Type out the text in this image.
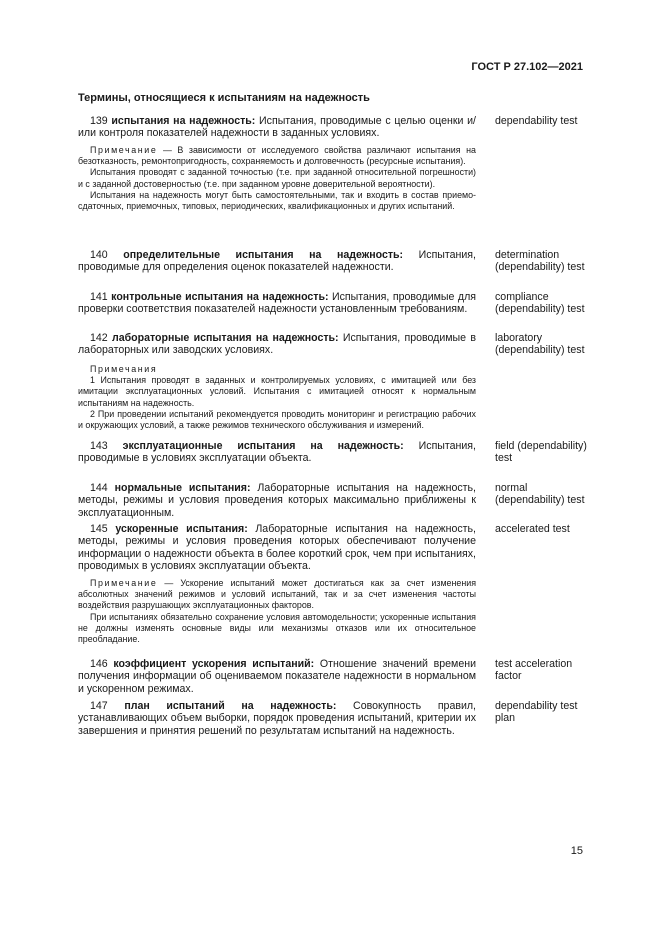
ГОСТ Р 27.102—2021
Термины, относящиеся к испытаниям на надежность
139 испытания на надежность: Испытания, проводимые с целью оценки и/или контроля показателей надежности в заданных условиях.
dependability test

Примечание — В зависимости от исследуемого свойства различают испытания на безотказность, ремонтопригодность, сохраняемость и долговечность (ресурсные испытания).

Испытания проводят с заданной точностью (т.е. при заданной относительной погрешности) и с заданной достоверностью (т.е. при заданном уровне доверительной вероятности).

Испытания на надежность могут быть самостоятельными, так и входить в состав приемо-сдаточных, приемочных, типовых, периодических, квалификационных и других испытаний.

140 определительные испытания на надежность: Испытания, проводимые для определения оценок показателей надежности.
determination (dependability) test
141 контрольные испытания на надежность: Испытания, проводимые для проверки соответствия показателей надежности установленным требованиям.
compliance (dependability) test
142 лабораторные испытания на надежность: Испытания, проводимые в лабораторных или заводских условиях.
laboratory (dependability) test

Примечания

1 Испытания проводят в заданных и контролируемых условиях, с имитацией или без имитации эксплуатационных условий. Испытания с имитацией относят к нормальным испытаниям на надежность.

2 При проведении испытаний рекомендуется проводить мониторинг и регистрацию рабочих и окружающих условий, а также режимов технического обслуживания и измерений.

143 эксплуатационные испытания на надежность: Испытания, проводимые в условиях эксплуатации объекта.
field (dependability) test
144 нормальные испытания: Лабораторные испытания на надежность, методы, режимы и условия проведения которых максимально приближены к эксплуатационным.
normal (dependability) test
145 ускоренные испытания: Лабораторные испытания на надежность, методы, режимы и условия проведения которых обеспечивают получение информации о надежности объекта в более короткий срок, чем при испытаниях, проводимых в условиях эксплуатации объекта.
accelerated test

Примечание — Ускорение испытаний может достигаться как за счет изменения абсолютных значений режимов и условий испытаний, так и за счет изменения частоты воздействия разрушающих эксплуатационных факторов.

При испытаниях обязательно сохранение условия автомодельности; ускоренные испытания не должны изменять основные виды или механизмы отказов или их относительное преобладание.

146 коэффициент ускорения испытаний: Отношение значений времени получения информации об оцениваемом показателе надежности в нормальном и ускоренном режимах.
test acceleration factor
147 план испытаний на надежность: Совокупность правил, устанавливающих объем выборки, порядок проведения испытаний, критерии их завершения и принятия решений по результатам испытаний на надежность.
dependability test plan
15
